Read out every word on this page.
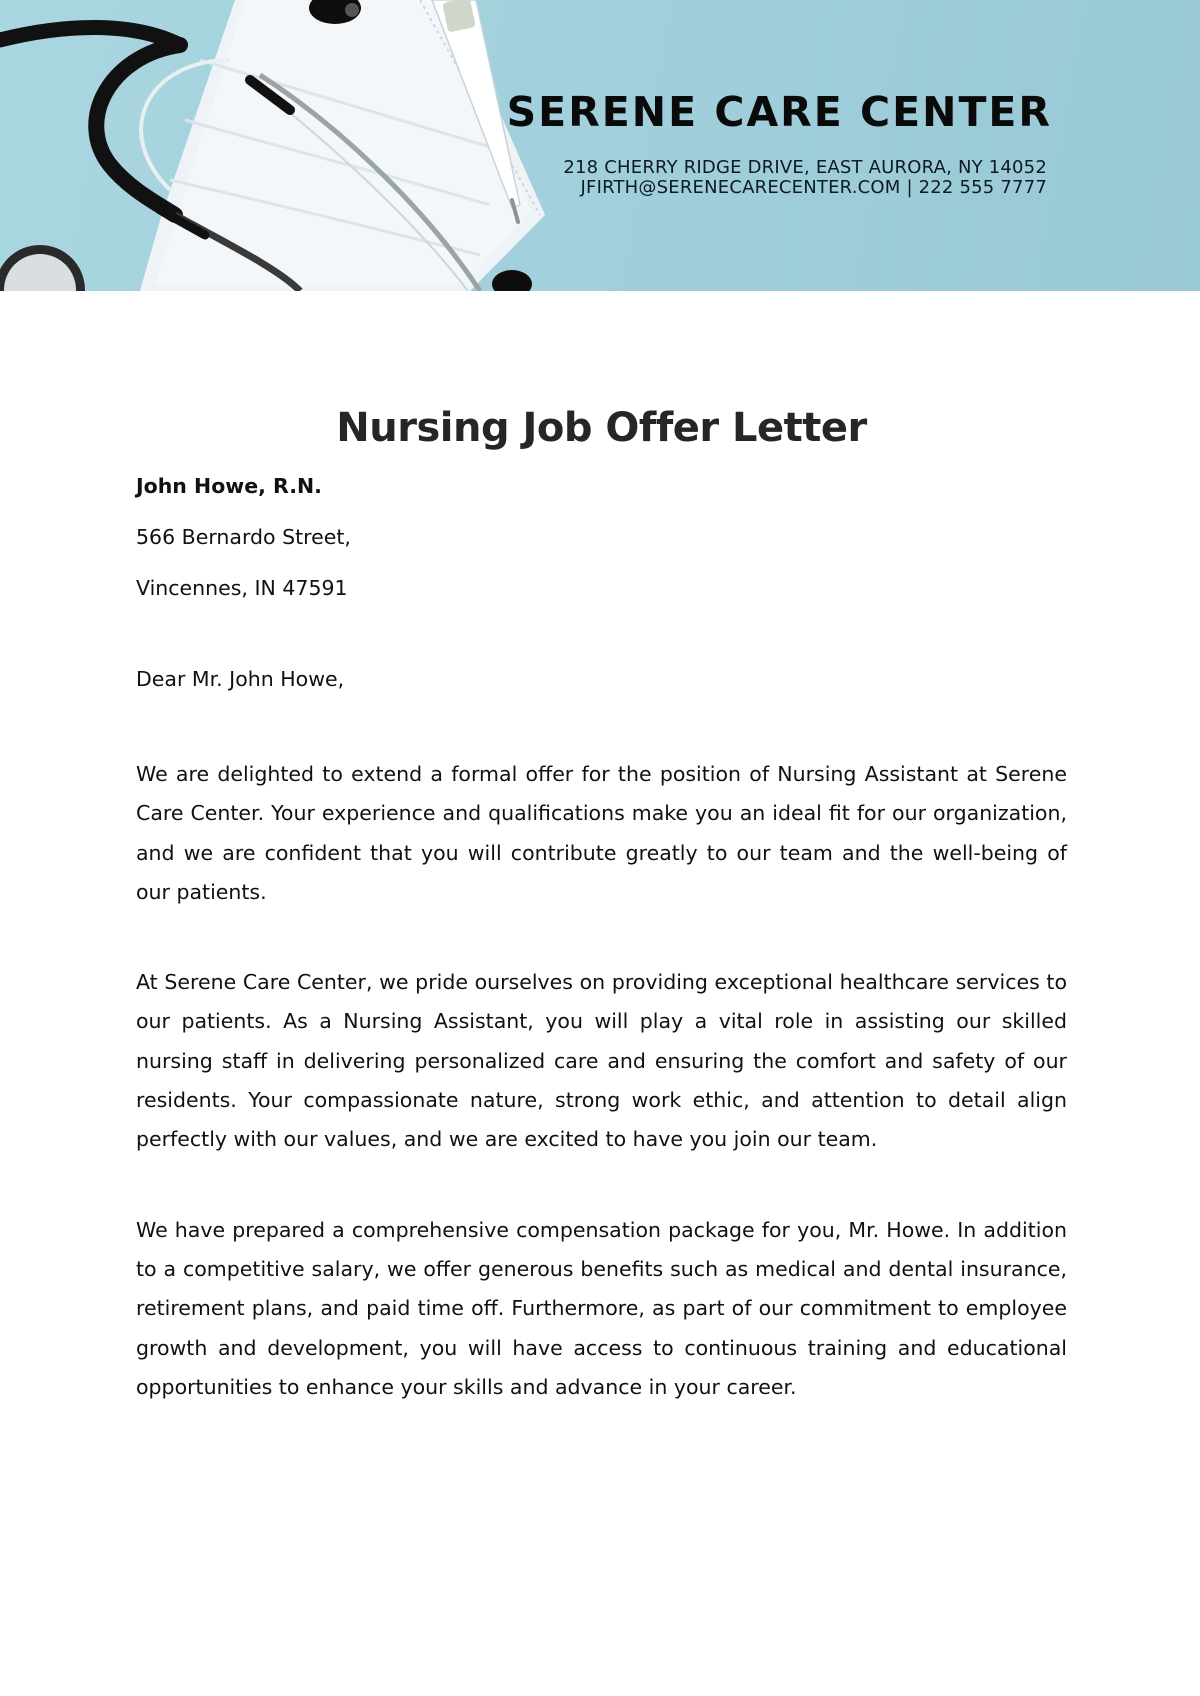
SERENE CARE CENTER

218 CHERRY RIDGE DRIVE, EAST AURORA, NY 14052

JFIRTH@SERENECARECENTER.COM | 222 555 7777

Nursing Job Offer Letter

John Howe, R.N.

566 Bernardo Street,

Vincennes, IN 47591

Dear Mr. John Howe,

We are delighted to extend a formal offer for the position of Nursing Assistant at Serene Care Center. Your experience and qualifications make you an ideal fit for our organization, and we are confident that you will contribute greatly to our team and the well-being of our patients.

At Serene Care Center, we pride ourselves on providing exceptional healthcare services to our patients. As a Nursing Assistant, you will play a vital role in assisting our skilled nursing staff in delivering personalized care and ensuring the comfort and safety of our residents. Your compassionate nature, strong work ethic, and attention to detail align perfectly with our values, and we are excited to have you join our team.

We have prepared a comprehensive compensation package for you, Mr. Howe. In addition to a competitive salary, we offer generous benefits such as medical and dental insurance, retirement plans, and paid time off. Furthermore, as part of our commitment to employee growth and development, you will have access to continuous training and educational opportunities to enhance your skills and advance in your career.
